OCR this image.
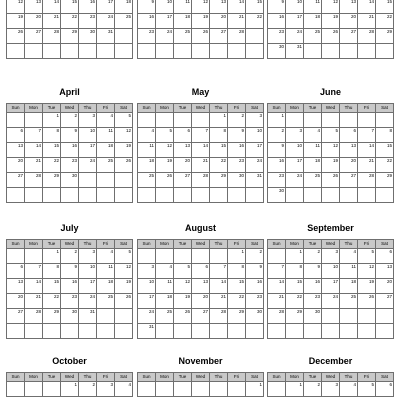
12	13	14	15	16	17	18
19	20	21	22	23	24	25
26	27	28	29	30	31	

9	10	11	12	13	14	15
16	17	18	19	20	21	22
23	24	25	26	27	28	

9	10	11	12	13	14	15
16	17	18	19	20	21	22
23	24	25	26	27	28	29
30	31					
April
Sun	Mon	Tue	Wed	Thu	Fri	Sat
		1	2	3	4	5
6	7	8	9	10	11	12
13	14	15	16	17	18	19
20	21	22	23	24	25	26
27	28	29	30			

May
Sun	Mon	Tue	Wed	Thu	Fri	Sat
				1	2	3
4	5	6	7	8	9	10
11	12	13	14	15	16	17
18	19	20	21	22	23	24
25	26	27	28	29	30	31

June
Sun	Mon	Tue	Wed	Thu	Fri	Sat
1						
2	3	4	5	6	7	8
9	10	11	12	13	14	15
16	17	18	19	20	21	22
23	24	25	26	27	28	29
30						
July
Sun	Mon	Tue	Wed	Thu	Fri	Sat
		1	2	3	4	5
6	7	8	9	10	11	12
13	14	15	16	17	18	19
20	21	22	23	24	25	26
27	28	29	30	31		

August
Sun	Mon	Tue	Wed	Thu	Fri	Sat
					1	2
3	4	5	6	7	8	9
10	11	12	13	14	15	16
17	18	19	20	21	22	23
24	25	26	27	28	29	30
31						
September
Sun	Mon	Tue	Wed	Thu	Fri	Sat
	1	2	3	4	5	6
7	8	9	10	11	12	13
14	15	16	17	18	19	20
21	22	23	24	25	26	27
28	29	30				

October
Sun	Mon	Tue	Wed	Thu	Fri	Sat
			1	2	3	4
November
Sun	Mon	Tue	Wed	Thu	Fri	Sat
						1
December
Sun	Mon	Tue	Wed	Thu	Fri	Sat
	1	2	3	4	5	6
